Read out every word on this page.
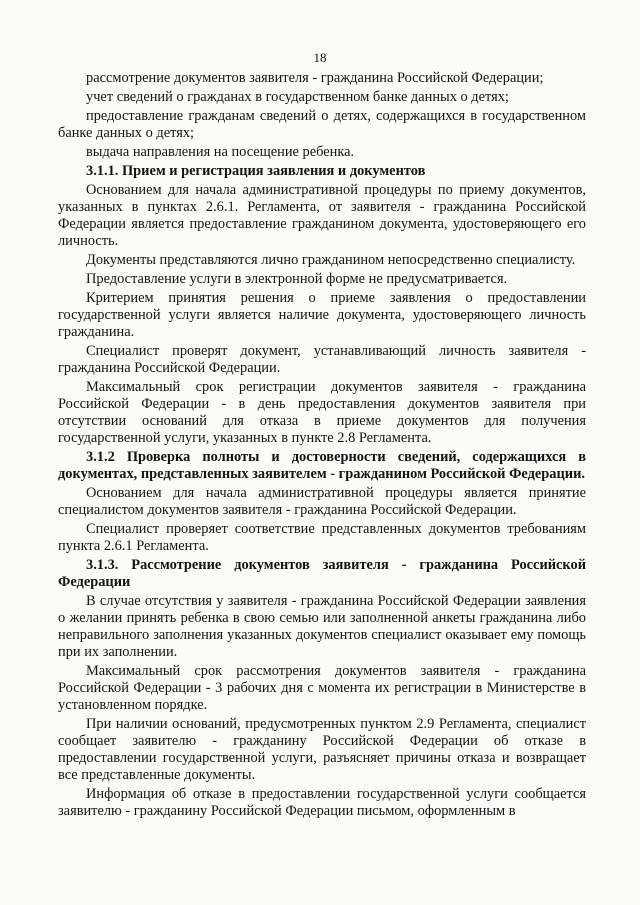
18

рассмотрение документов заявителя - гражданина Российской Федерации;

учет сведений о гражданах в государственном банке данных о детях;

предоставление гражданам сведений о детях, содержащихся в государственном банке данных о детях;

выдача направления на посещение ребенка.

3.1.1. Прием и регистрация заявления и документов

Основанием для начала административной процедуры по приему документов, указанных в пунктах 2.6.1. Регламента, от заявителя - гражданина Российской Федерации является предоставление гражданином документа, удостоверяющего его личность.

Документы представляются лично гражданином непосредственно специалисту.

Предоставление услуги в электронной форме не предусматривается.

Критерием принятия решения о приеме заявления о предоставлении государственной услуги является наличие документа, удостоверяющего личность гражданина.

Специалист проверят документ, устанавливающий личность заявителя - гражданина Российской Федерации.

Максимальный срок регистрации документов заявителя - гражданина Российской Федерации - в день предоставления документов заявителя при отсутствии оснований для отказа в приеме документов для получения государственной услуги, указанных в пункте 2.8 Регламента.

3.1.2 Проверка полноты и достоверности сведений, содержащихся в документах, представленных заявителем - гражданином Российской Федерации.

Основанием для начала административной процедуры является принятие специалистом документов заявителя - гражданина Российской Федерации.

Специалист проверяет соответствие представленных документов требованиям пункта 2.6.1 Регламента.

3.1.3. Рассмотрение документов заявителя - гражданина Российской Федерации

В случае отсутствия у заявителя - гражданина Российской Федерации заявления о желании принять ребенка в свою семью или заполненной анкеты гражданина либо неправильного заполнения указанных документов специалист оказывает ему помощь при их заполнении.

Максимальный срок рассмотрения документов заявителя - гражданина Российской Федерации - 3 рабочих дня с момента их регистрации в Министерстве в установленном порядке.

При наличии оснований, предусмотренных пунктом 2.9 Регламента, специалист сообщает заявителю - гражданину Российской Федерации об отказе в предоставлении государственной услуги, разъясняет причины отказа и возвращает все представленные документы.

Информация об отказе в предоставлении государственной услуги сообщается заявителю - гражданину Российской Федерации письмом, оформленным в
